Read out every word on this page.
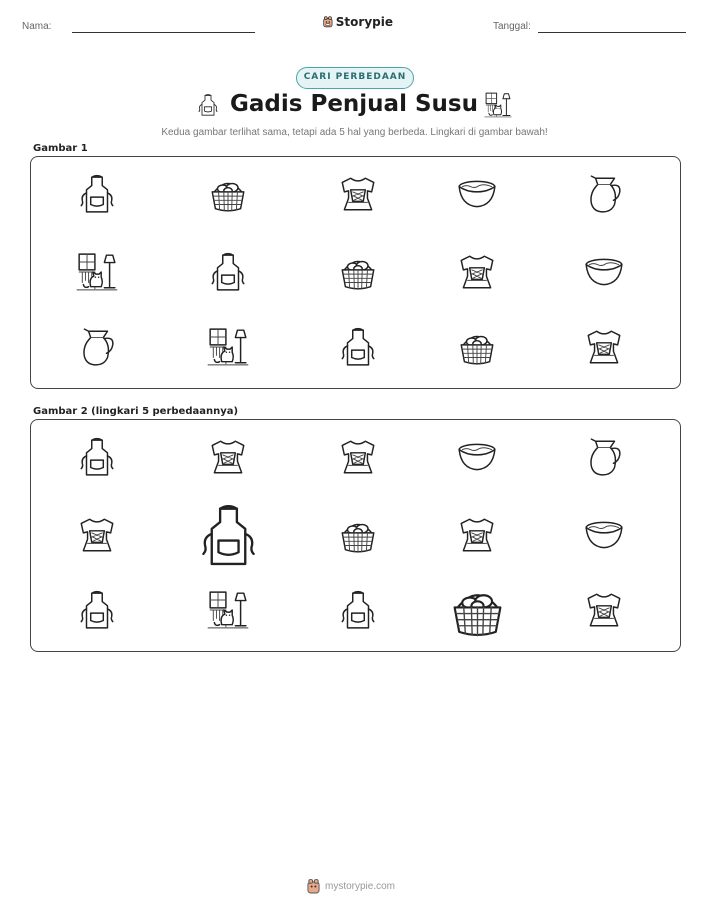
Nama:	Storypie	Tanggal:
CARI PERBEDAAN
Gadis Penjual Susu
Kedua gambar terlihat sama, tetapi ada 5 hal yang berbeda. Lingkari di gambar bawah!
Gambar 1
Gambar 2 (lingkari 5 perbedaannya)
mystorypie.com
